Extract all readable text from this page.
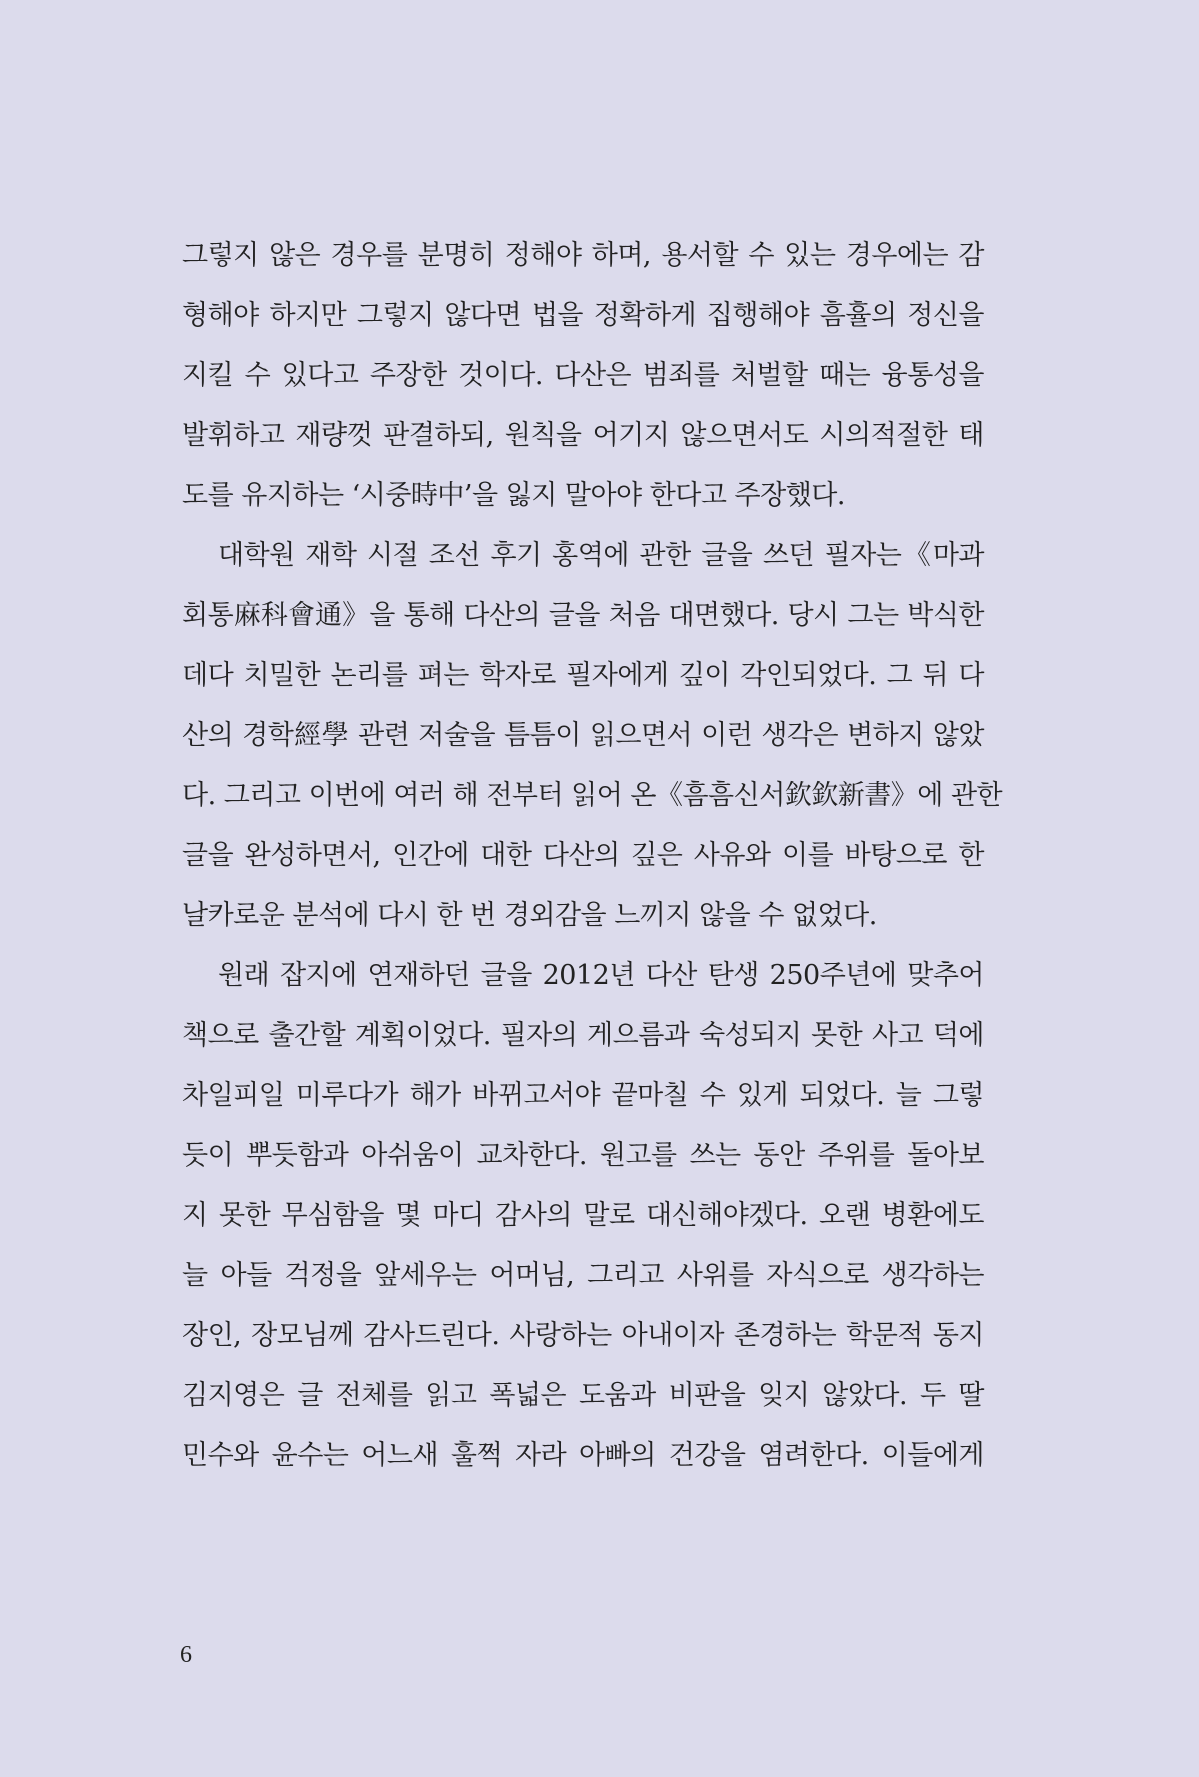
그렇지 않은 경우를 분명히 정해야 하며, 용서할 수 있는 경우에는 감
형해야 하지만 그렇지 않다면 법을 정확하게 집행해야 흠휼의 정신을
지킬 수 있다고 주장한 것이다. 다산은 범죄를 처벌할 때는 융통성을
발휘하고 재량껏 판결하되, 원칙을 어기지 않으면서도 시의적절한 태
도를 유지하는 ‘시중時中’을 잃지 말아야 한다고 주장했다.

대학원 재학 시절 조선 후기 홍역에 관한 글을 쓰던 필자는《마과
회통麻科會通》을 통해 다산의 글을 처음 대면했다. 당시 그는 박식한
데다 치밀한 논리를 펴는 학자로 필자에게 깊이 각인되었다. 그 뒤 다
산의 경학經學 관련 저술을 틈틈이 읽으면서 이런 생각은 변하지 않았
다. 그리고 이번에 여러 해 전부터 읽어 온《흠흠신서欽欽新書》에 관한
글을 완성하면서, 인간에 대한 다산의 깊은 사유와 이를 바탕으로 한
날카로운 분석에 다시 한 번 경외감을 느끼지 않을 수 없었다.

원래 잡지에 연재하던 글을 2012년 다산 탄생 250주년에 맞추어
책으로 출간할 계획이었다. 필자의 게으름과 숙성되지 못한 사고 덕에
차일피일 미루다가 해가 바뀌고서야 끝마칠 수 있게 되었다. 늘 그렇
듯이 뿌듯함과 아쉬움이 교차한다. 원고를 쓰는 동안 주위를 돌아보
지 못한 무심함을 몇 마디 감사의 말로 대신해야겠다. 오랜 병환에도
늘 아들 걱정을 앞세우는 어머님, 그리고 사위를 자식으로 생각하는
장인, 장모님께 감사드린다. 사랑하는 아내이자 존경하는 학문적 동지
김지영은 글 전체를 읽고 폭넓은 도움과 비판을 잊지 않았다. 두 딸
민수와 윤수는 어느새 훌쩍 자라 아빠의 건강을 염려한다. 이들에게

6
